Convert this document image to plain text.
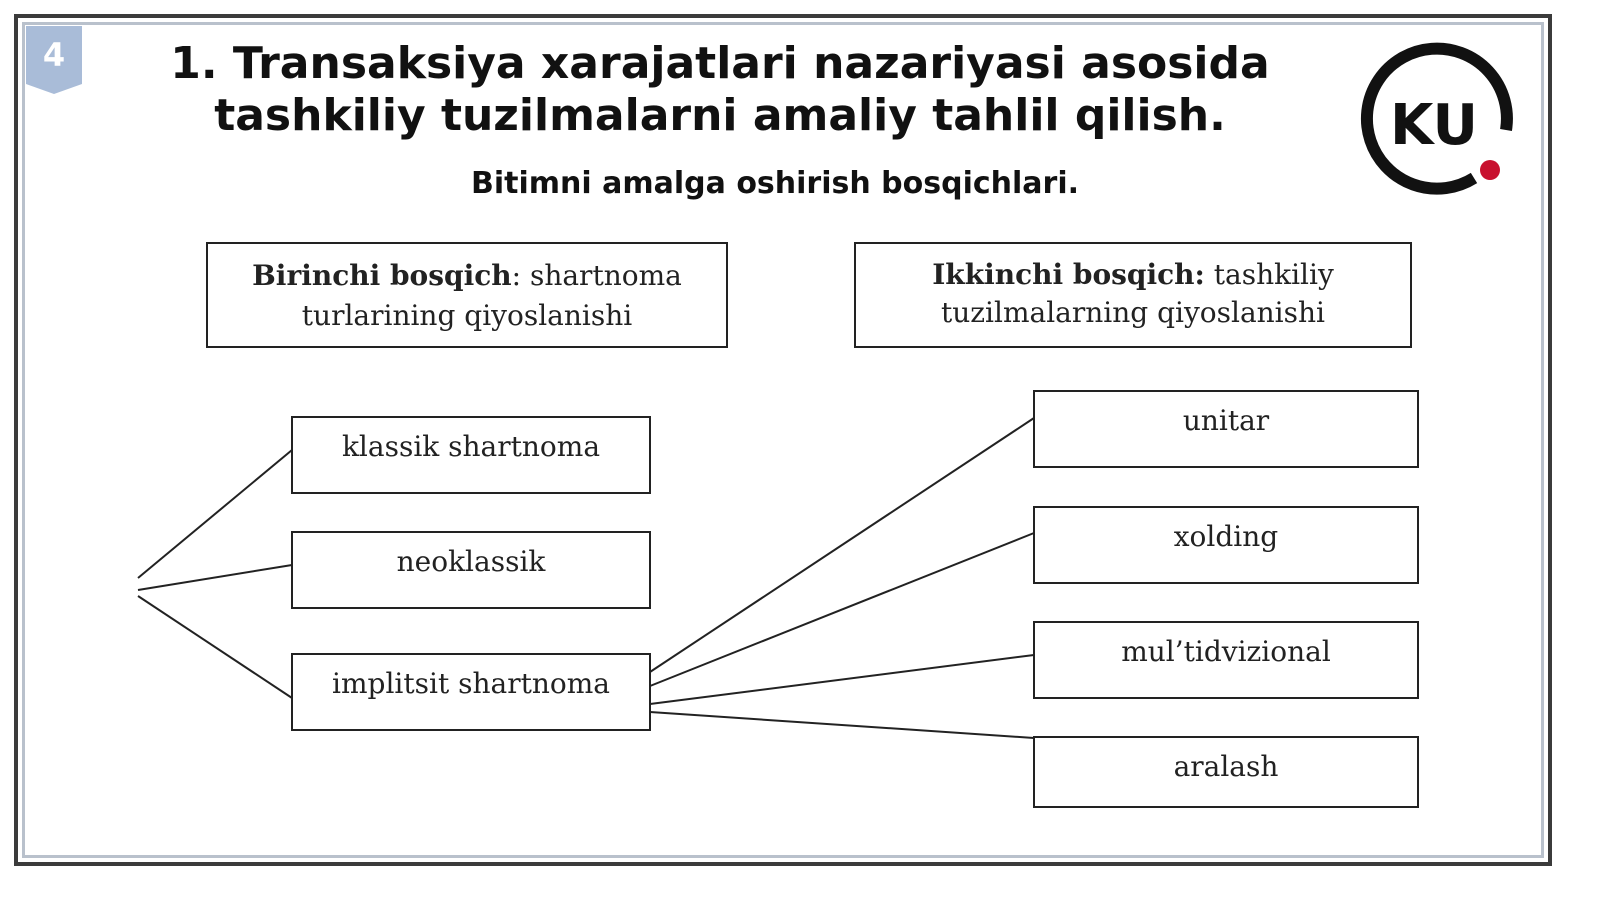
4	1. Transaksiya xarajatlari nazariyasi asosida
tashkiliy tuzilmalarni amaliy tahlil qilish.
Bitimni amalga oshirish bosqichlari.
KU
Birinchi bosqich: shartnoma
turlarining qiyoslanishi
Ikkinchi bosqich: tashkiliy
tuzilmalarning qiyoslanishi
klassik shartnoma
neoklassik
implitsit shartnoma
unitar
xolding
mul’tidvizional
aralash
